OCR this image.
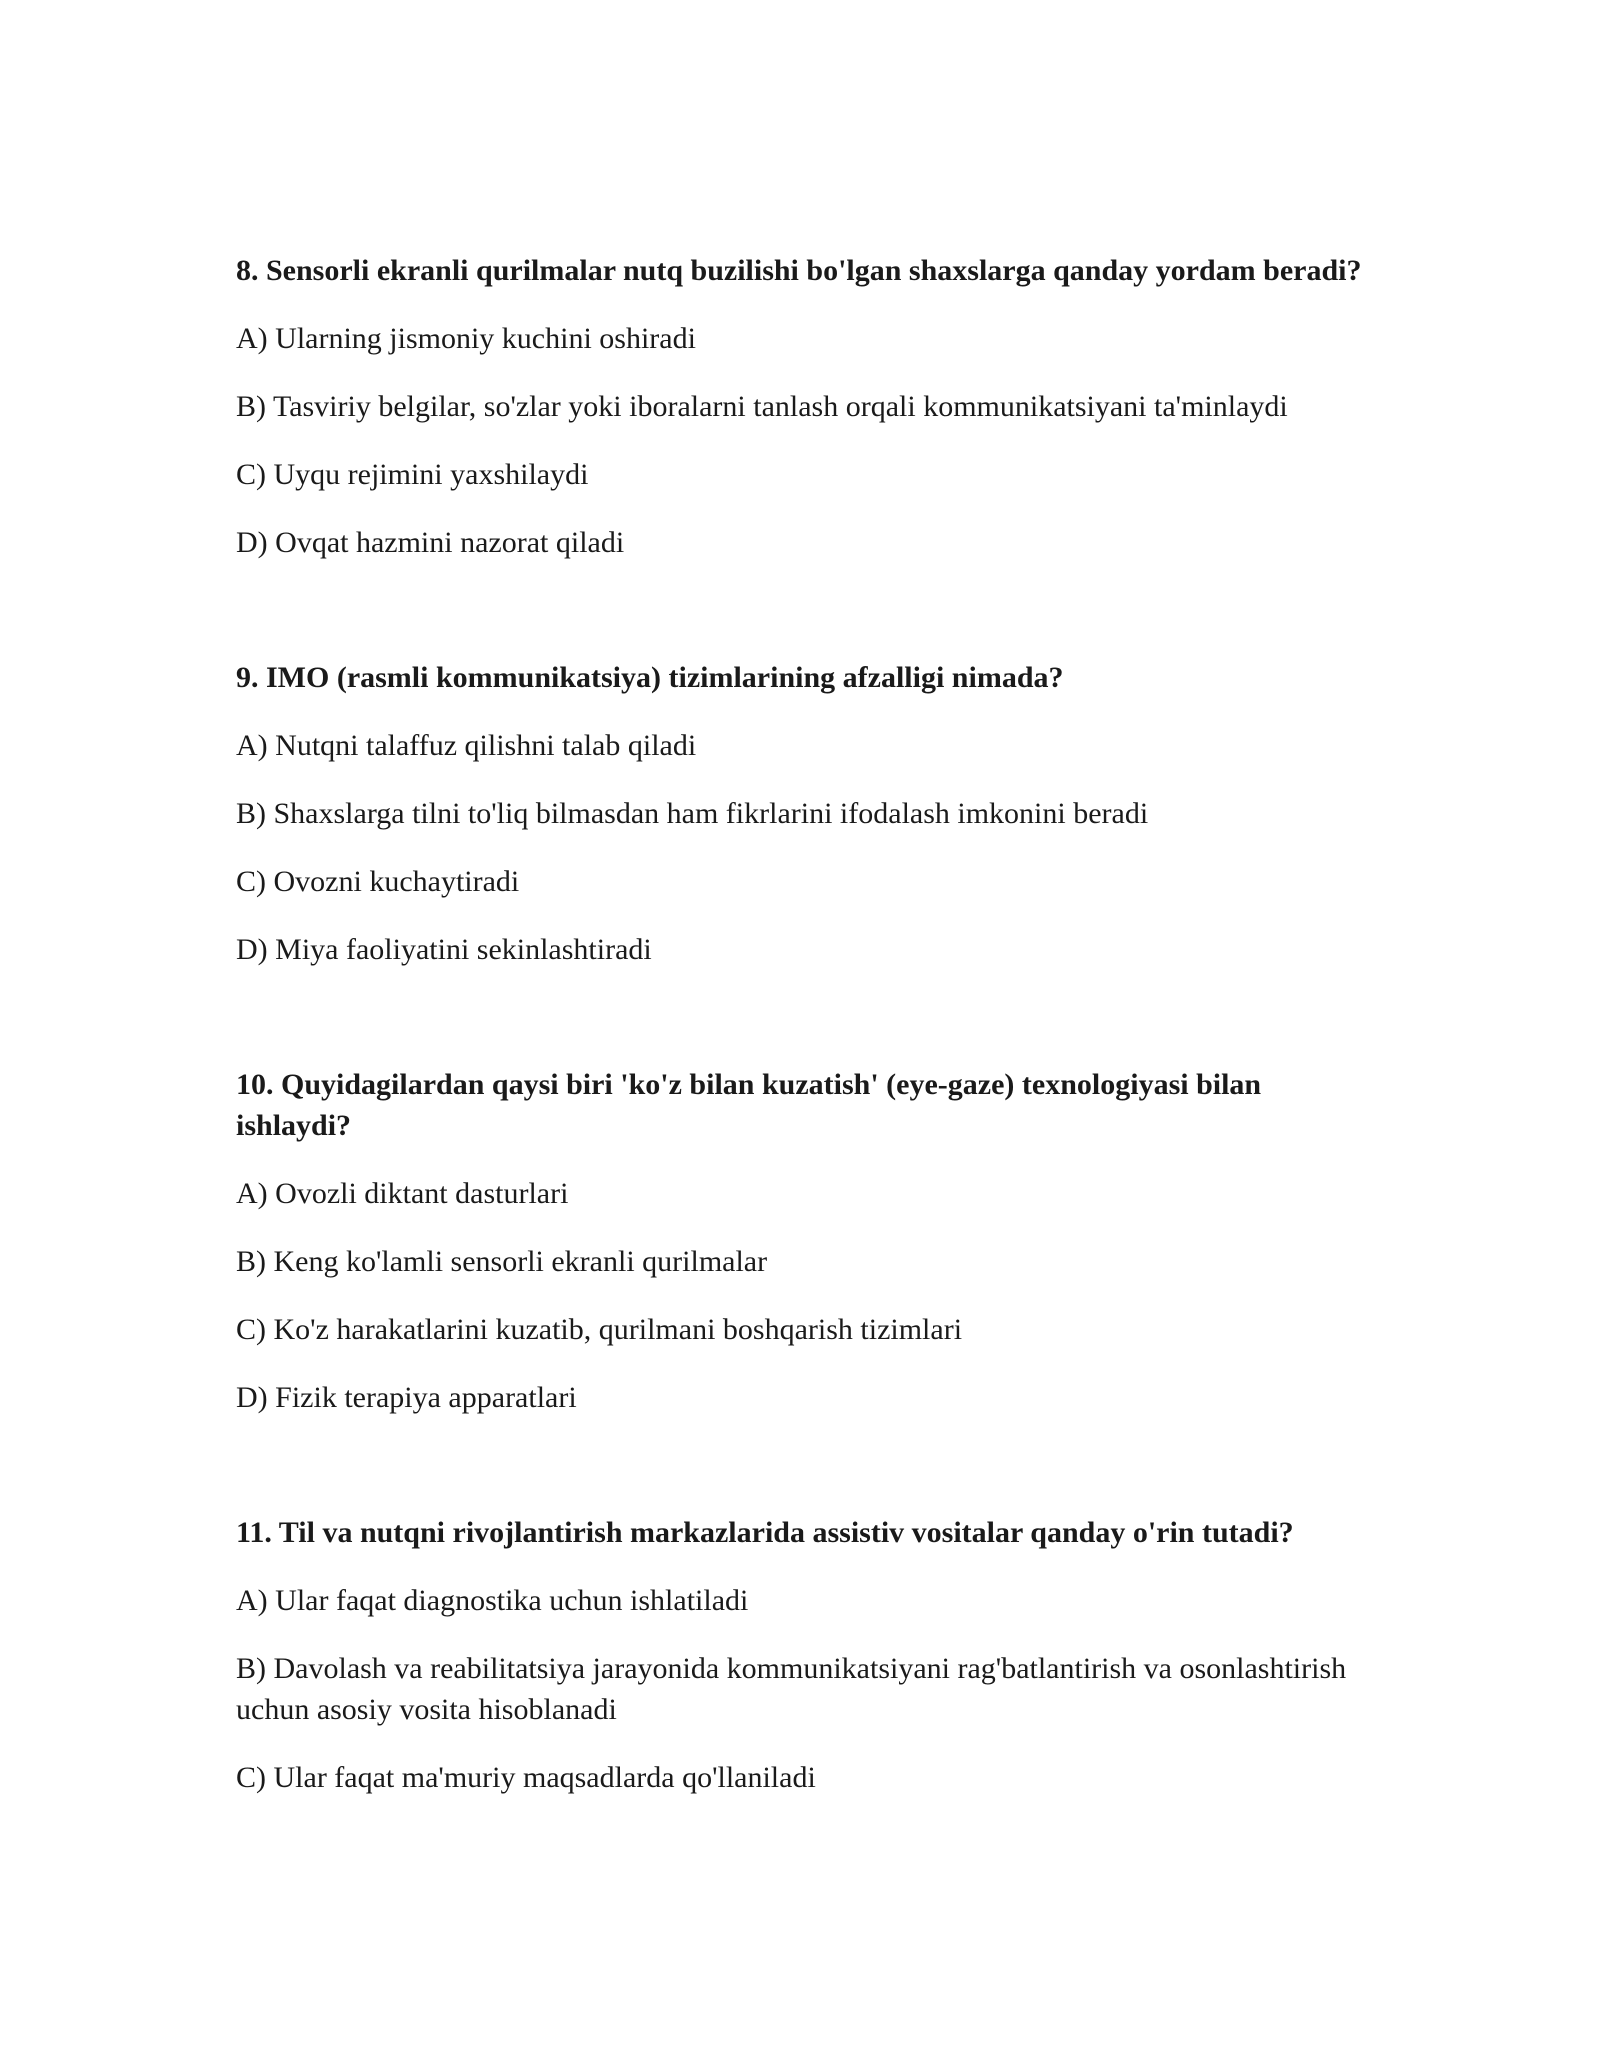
8. Sensorli ekranli qurilmalar nutq buzilishi bo'lgan shaxslarga qanday yordam beradi?

A) Ularning jismoniy kuchini oshiradi

B) Tasviriy belgilar, so'zlar yoki iboralarni tanlash orqali kommunikatsiyani ta'minlaydi

C) Uyqu rejimini yaxshilaydi

D) Ovqat hazmini nazorat qiladi

9. IMO (rasmli kommunikatsiya) tizimlarining afzalligi nimada?

A) Nutqni talaffuz qilishni talab qiladi

B) Shaxslarga tilni to'liq bilmasdan ham fikrlarini ifodalash imkonini beradi

C) Ovozni kuchaytiradi

D) Miya faoliyatini sekinlashtiradi

10. Quyidagilardan qaysi biri 'ko'z bilan kuzatish' (eye-gaze) texnologiyasi bilan ishlaydi?

A) Ovozli diktant dasturlari

B) Keng ko'lamli sensorli ekranli qurilmalar

C) Ko'z harakatlarini kuzatib, qurilmani boshqarish tizimlari

D) Fizik terapiya apparatlari

11. Til va nutqni rivojlantirish markazlarida assistiv vositalar qanday o'rin tutadi?

A) Ular faqat diagnostika uchun ishlatiladi

B) Davolash va reabilitatsiya jarayonida kommunikatsiyani rag'batlantirish va osonlashtirish uchun asosiy vosita hisoblanadi

C) Ular faqat ma'muriy maqsadlarda qo'llaniladi
